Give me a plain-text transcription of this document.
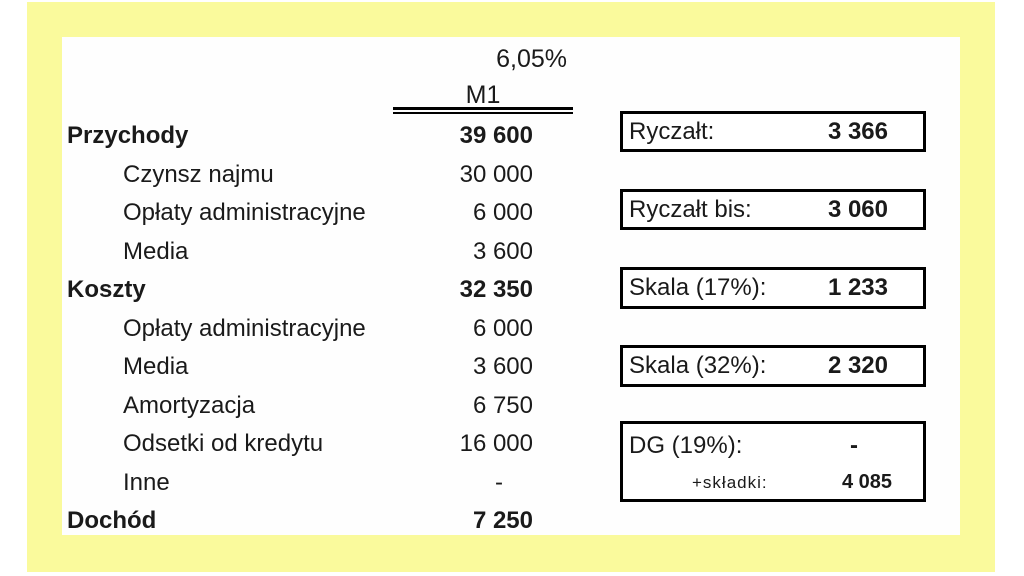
6,05%
M1
Przychody	39 600
Czynsz najmu	30 000
Opłaty administracyjne	6 000
Media	3 600
Koszty	32 350
Opłaty administracyjne	6 000
Media	3 600
Amortyzacja	6 750
Odsetki od kredytu	16 000
Inne	-
Dochód	7 250
Ryczałt:	3 366
Ryczałt bis:	3 060
Skala (17%):	1 233
Skala (32%):	2 320
DG (19%):	-
+składki:	4 085
